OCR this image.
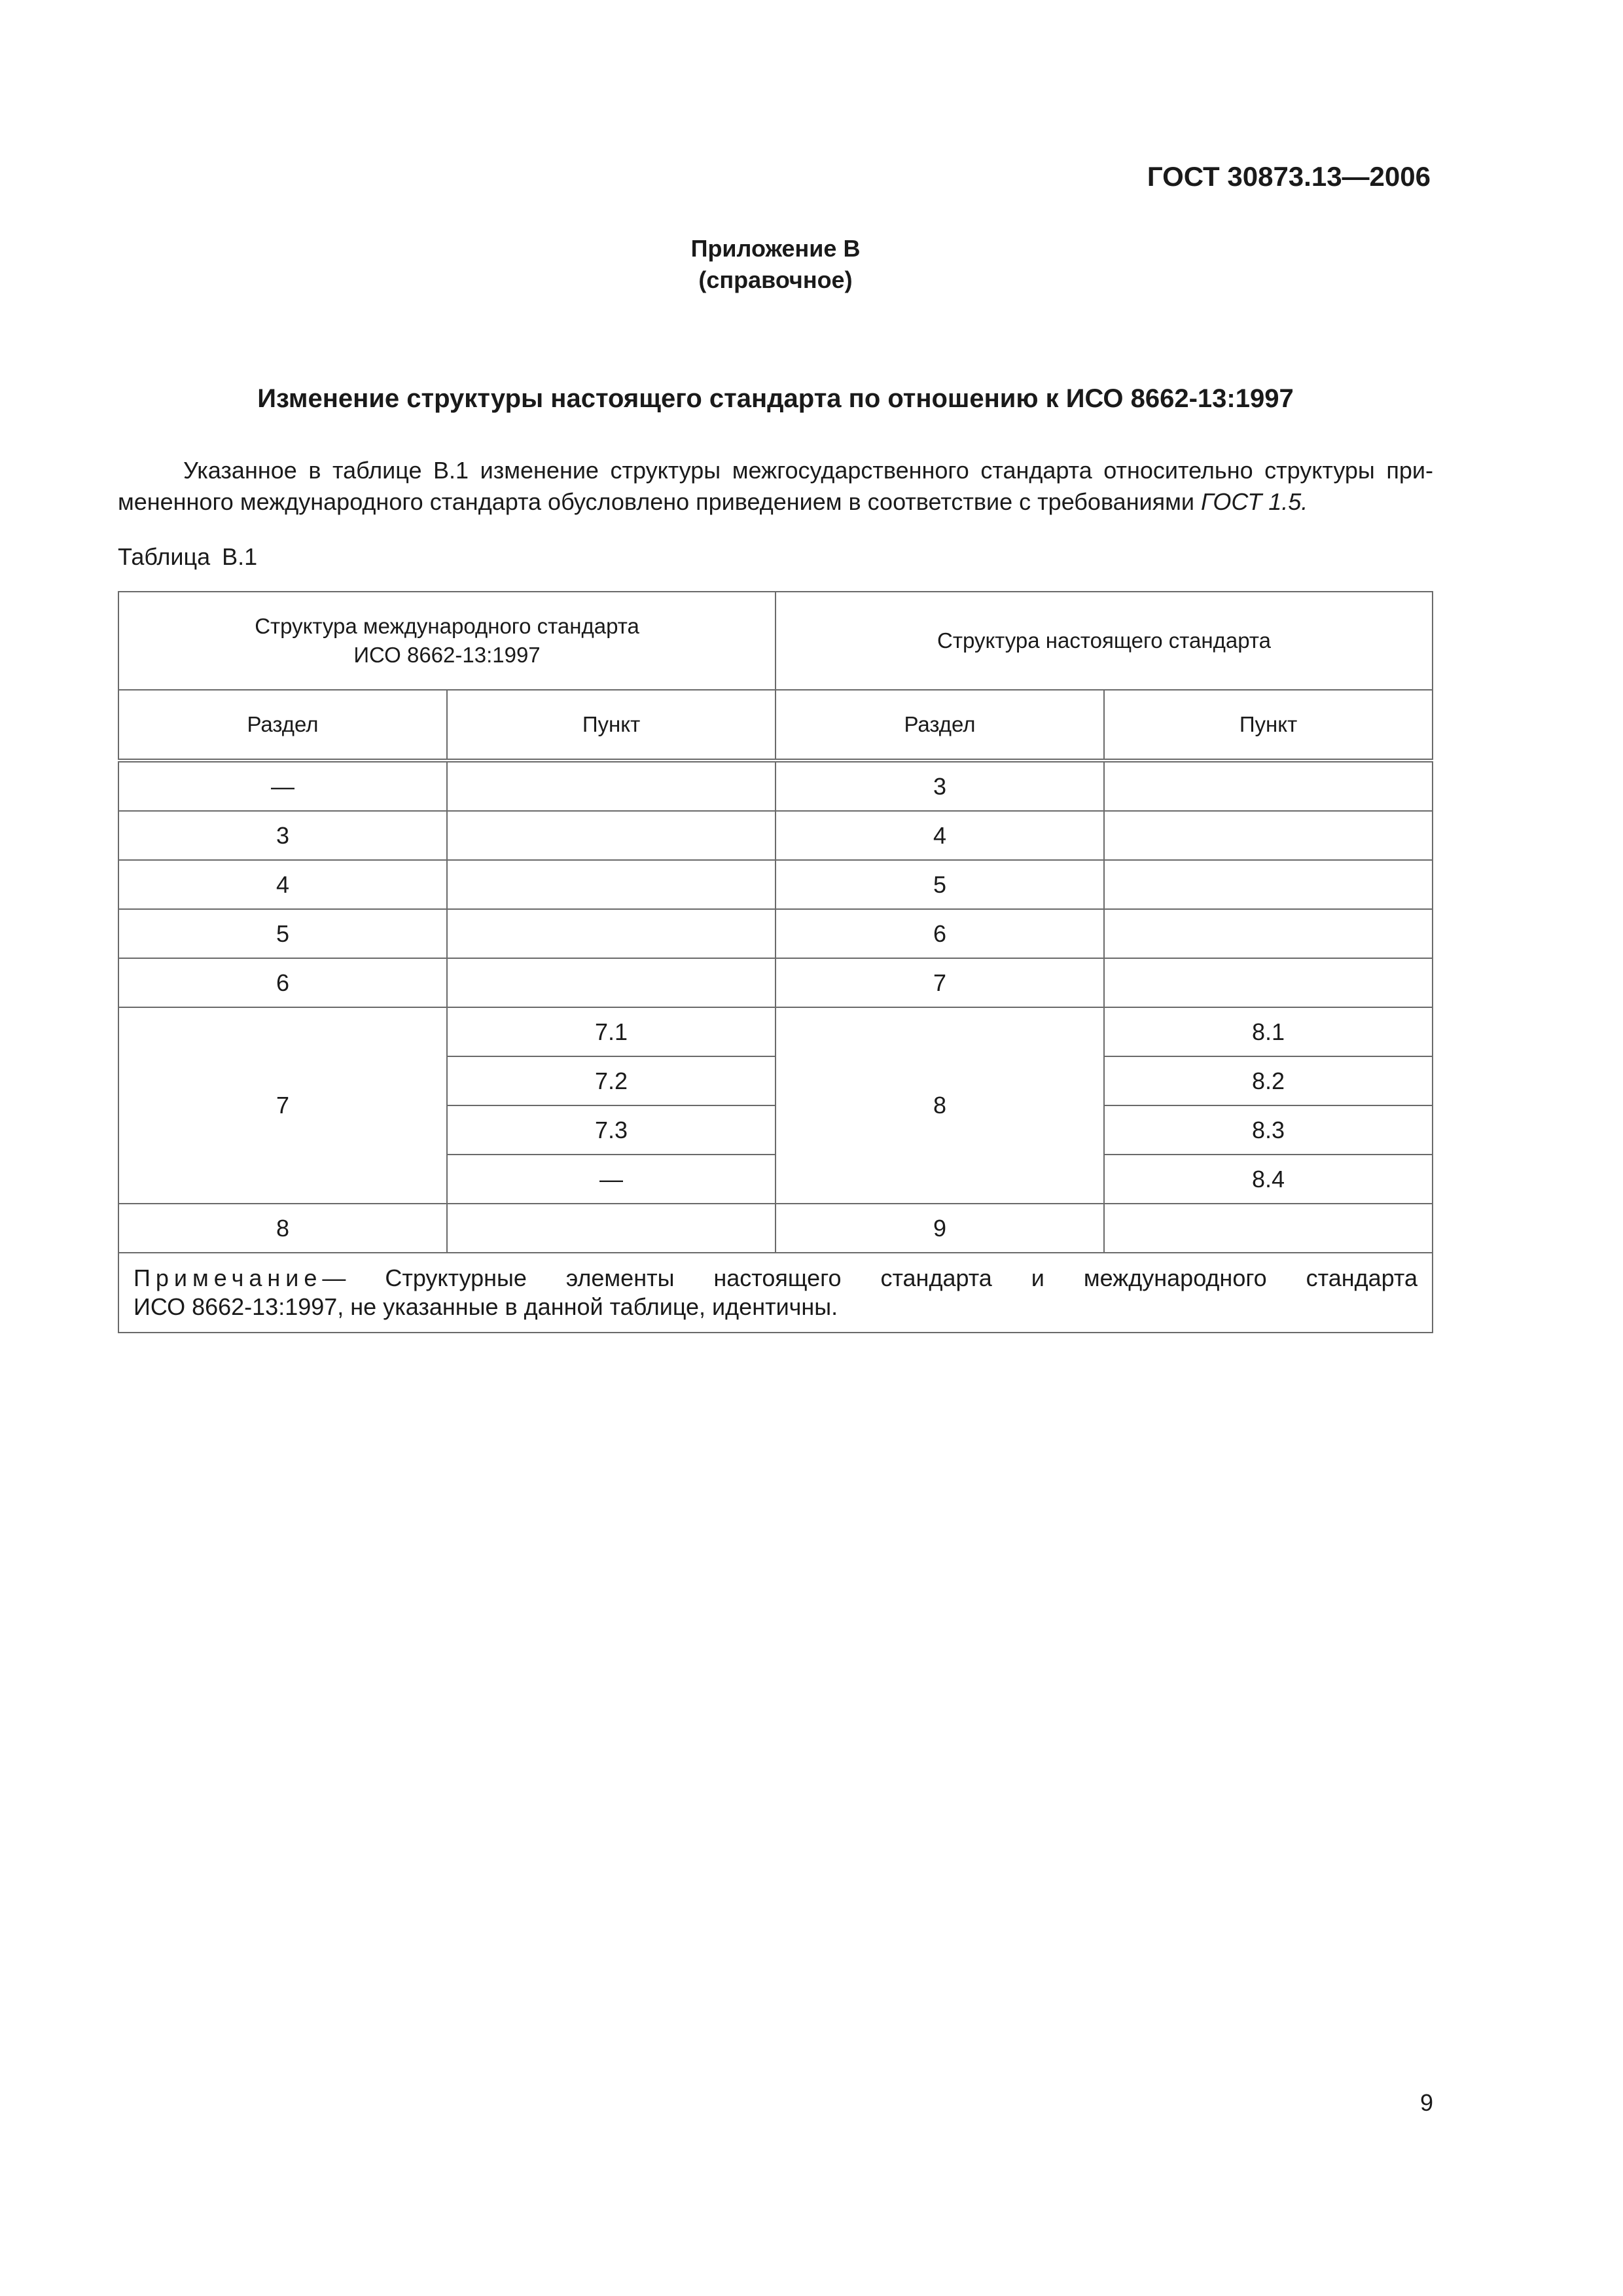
ГОСТ 30873.13—2006
Приложение В
(справочное)
Изменение структуры настоящего стандарта по отношению к ИСО 8662-13:1997
Указанное в таблице В.1 изменение структуры межгосударственного стандарта относительно структуры при-
мененного международного стандарта обусловлено приведением в соответствие с требованиями ГОСТ 1.5.
Таблица В.1
Структура международного стандарта
ИСО 8662-13:1997		Структура настоящего стандарта	
Раздел	Пункт	Раздел	Пункт
—		3	
3		4	
4		5	
5		6	
6		7	
7	7.1	8	8.1
	7.2		8.2
	7.3		8.3
	—		8.4
8		9	

Примечание— Структурные элементы настоящего стандарта и международного стандарта
ИСО 8662-13:1997, не указанные в данной таблице, идентичны.			
9
